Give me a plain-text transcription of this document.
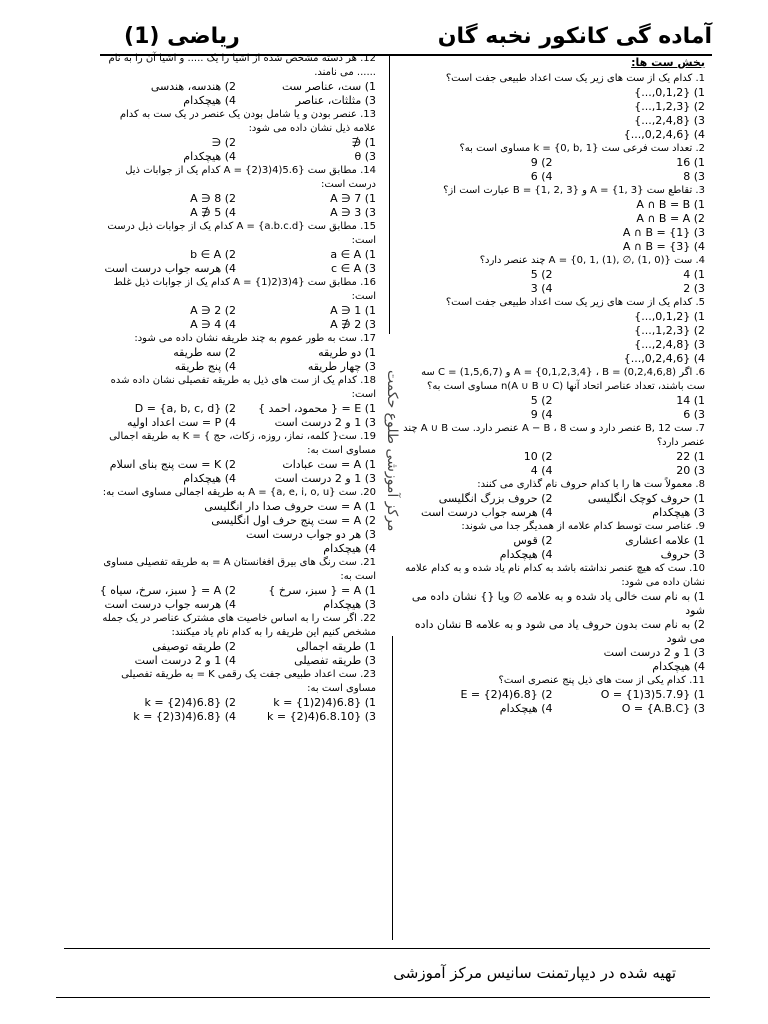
آماده گی کانکور نخبه گان
ریاضی (1)
مرکز آموزشی طلوع حکمت
بخش ست ها:
1. کدام یک از ست های زیر یک ست اعداد طبیعی جفت است؟
1) {0,1,2,...}
2) {1,2,3,...}
3) {2,4,8,...}
4) {0,2,4,6,...}
2. تعداد ست فرعی ست k = {0, b, 1} مساوی است به؟
1) 16
2) 9
3) 8
4) 6
3. تقاطع ست A = {1, 3} و B = {1, 2, 3} عبارت است از؟
1) A ∩ B = B
2) A ∩ B = A
3) A ∩ B = {1}
4) A ∩ B = {3}
4. ست A = {0, 1, (1), ∅, (1, 0)} چند عنصر دارد؟
1) 4
2) 5
3) 2
4) 3
5. کدام یک از ست های زیر یک ست اعداد طبیعی جفت است؟
1) {0,1,2,...}
2) {1,2,3,...}
3) {2,4,8,...}
4) {0,2,4,6,...}
6. اگر A = {0,1,2,3,4} ، B = (0,2,4,6,8) و C = (1,5,6,7) سه ست باشند، تعداد عناصر اتحاد آنها n(A ∪ B ∪ C) مساوی است به؟
1) 14
2) 5
3) 6
4) 9
7. ست B, 12 عنصر دارد و ست A − B ، 8 عنصر دارد. ست A ∪ B چند عنصر دارد؟
1) 22
2) 10
3) 20
4) 4
8. معمولاً ست ها را با کدام حروف نام گذاری می کنند:
1) حروف کوچک انگلیسی
2) حروف بزرگ انگلیسی
3) هیچکدام
4) هرسه جواب درست است
9. عناصر ست توسط کدام علامه از همدیگر جدا می شوند:
1) علامه اعشاری
2) قوس
3) حروف
4) هیچکدام
10. ست که هیچ عنصر نداشته باشد به کدام نام یاد شده و به کدام علامه نشان داده می شود:
1) به نام ست خالی یاد شده و به علامه ∅ ویا {} نشان داده می شود
2) به نام ست بدون حروف یاد می شود و به علامه B نشان داده می شود
3) 1 و 2 درست است
4) هیچکدام
11. کدام یکی از ست های ذیل پنج عنصری است؟
1) O = {1)3)5.7.9}
2) E = {2)4)6.8}
3) O = {A.B.C}
4) هیچکدام
12. هر دسته مشخص شده از اشیا را یک ..... و اشیا آن را به نام ...... می نامند.
1) ست، عناصر ست
2) هندسه، هندسی
3) مثلثات، عناصر
4) هیچکدام
13. عنصر بودن و یا شامل بودن یک عنصر در یک ست به کدام علامه ذیل نشان داده می شود:
1) ∉
2) ∈
3) θ
4) هیچکدام
14. مطابق ست A = {2)3)4)5.6} کدام یک از جوابات ذیل درست است:
1) 7 ∈ A
2) 8 ∈ A
3) 3 ∈ A
4) 5 ∉ A
15. مطابق ست A = {a.b.c.d} کدام یک از جوابات ذیل درست است:
1) a ∈ A
2) b ∈ A
3) c ∈ A
4) هرسه جواب درست است
16. مطابق ست A = {1)2)3)4} کدام یک از جوابات ذیل غلط است:
1) 1 ∈ A
2) 2 ∈ A
3) 2 ∉ A
4) 4 ∈ A
17. ست به طور عموم به چند طریقه نشان داده می شود:
1) دو طریقه
2) سه طریقه
3) چهار طریقه
4) پنج طریقه
18. کدام یک از ست های ذیل به طریقه تفصیلی نشان داده شده است:
1) E = { محمود، احمد }
2) D = {a, b, c, d}
3) 1 و 2 درست است
4) P = ست اعداد اولیه
19. ست{ کلمه، نماز، روزه، زکات، حج } = K به طریقه اجمالی مساوی است به:
1) A = ست عبادات
2) K = ست پنج بنای اسلام
3) 1 و 2 درست است
4) هیچکدام
20. ست A = {a, e, i, o, u} به طریقه اجمالی مساوی است به:
1) A = ست حروف صدا دار انگلیسی
2) A = ست پنج حرف اول انگلیسی
3) هر دو جواب درست است
4) هیچکدام
21. ست رنگ های بیرق افغانستان A = به طریقه تفصیلی مساوی است به:
1) A = { سبز، سرخ }
2) A = { سبز، سرخ، سیاه }
3) هیچکدام
4) هرسه جواب درست است
22. اگر ست را به اساس خاصیت های مشترک عناصر در یک جمله مشخص کنیم این طریقه را به کدام نام یاد میکنند:
1) طریقه اجمالی
2) طریقه توصیفی
3) طریقه تفصیلی
4) 1 و 2 درست است
23. ست اعداد طبیعی جفت یک رقمی K = به طریقه تفصیلی مساوی است به:
1) k = {1)2)4)6.8}
2) k = {2)4)6.8}
3) k = {2)4)6.8.10}
4) k = {2)3)4)6.8}
تهیه شده در دیپارتمنت سانیس مرکز آموزشی
